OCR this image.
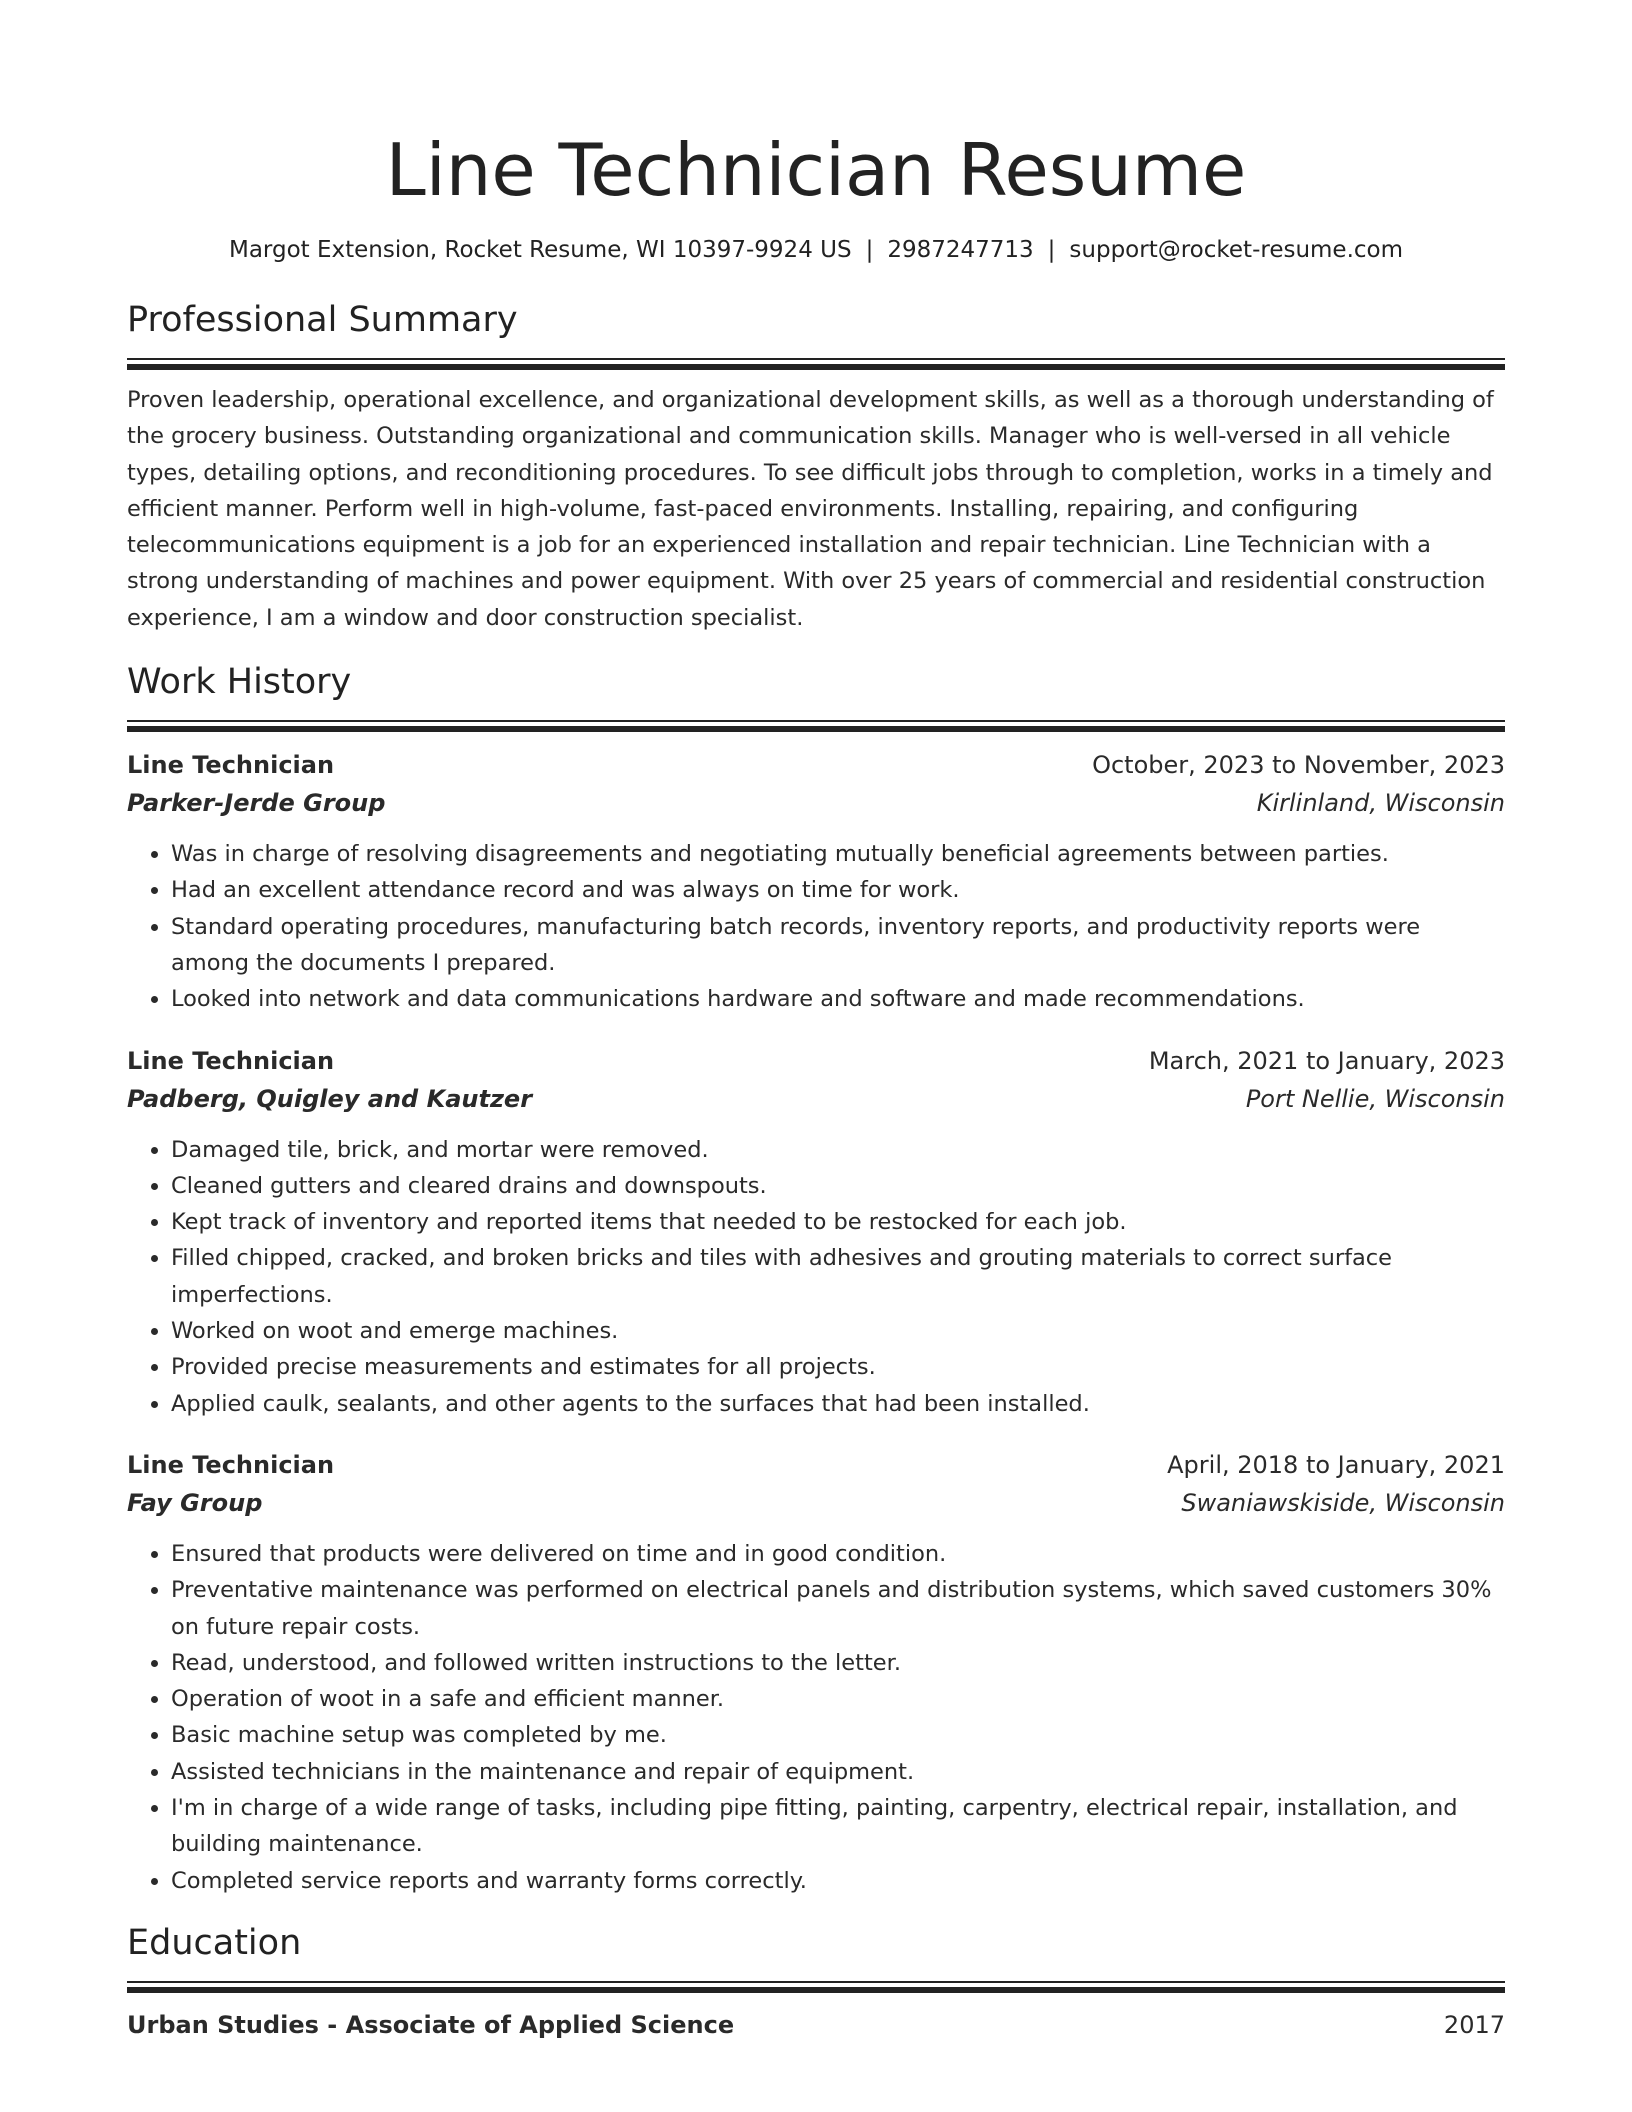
Line Technician Resume
Margot Extension, Rocket Resume, WI 10397-9924 US | 2987247713 | support@rocket-resume.com
Professional Summary

Proven leadership, operational excellence, and organizational development skills, as well as a thorough understanding of the grocery business. Outstanding organizational and communication skills. Manager who is well-versed in all vehicle types, detailing options, and reconditioning procedures. To see difficult jobs through to completion, works in a timely and efficient manner. Perform well in high-volume, fast-paced environments. Installing, repairing, and configuring telecommunications equipment is a job for an experienced installation and repair technician. Line Technician with a strong understanding of machines and power equipment. With over 25 years of commercial and residential construction experience, I am a window and door construction specialist.

Work History
Line Technician	October, 2023 to November, 2023
Parker-Jerde Group	Kirlinland, Wisconsin
• Was in charge of resolving disagreements and negotiating mutually beneficial agreements between parties.
• Had an excellent attendance record and was always on time for work.
• Standard operating procedures, manufacturing batch records, inventory reports, and productivity reports were among the documents I prepared.
• Looked into network and data communications hardware and software and made recommendations.
Line Technician	March, 2021 to January, 2023
Padberg, Quigley and Kautzer	Port Nellie, Wisconsin
• Damaged tile, brick, and mortar were removed.
• Cleaned gutters and cleared drains and downspouts.
• Kept track of inventory and reported items that needed to be restocked for each job.
• Filled chipped, cracked, and broken bricks and tiles with adhesives and grouting materials to correct surface imperfections.
• Worked on woot and emerge machines.
• Provided precise measurements and estimates for all projects.
• Applied caulk, sealants, and other agents to the surfaces that had been installed.
Line Technician	April, 2018 to January, 2021
Fay Group	Swaniawskiside, Wisconsin
• Ensured that products were delivered on time and in good condition.
• Preventative maintenance was performed on electrical panels and distribution systems, which saved customers 30% on future repair costs.
• Read, understood, and followed written instructions to the letter.
• Operation of woot in a safe and efficient manner.
• Basic machine setup was completed by me.
• Assisted technicians in the maintenance and repair of equipment.
• I'm in charge of a wide range of tasks, including pipe fitting, painting, carpentry, electrical repair, installation, and building maintenance.
• Completed service reports and warranty forms correctly.
Education
Urban Studies - Associate of Applied Science	2017
